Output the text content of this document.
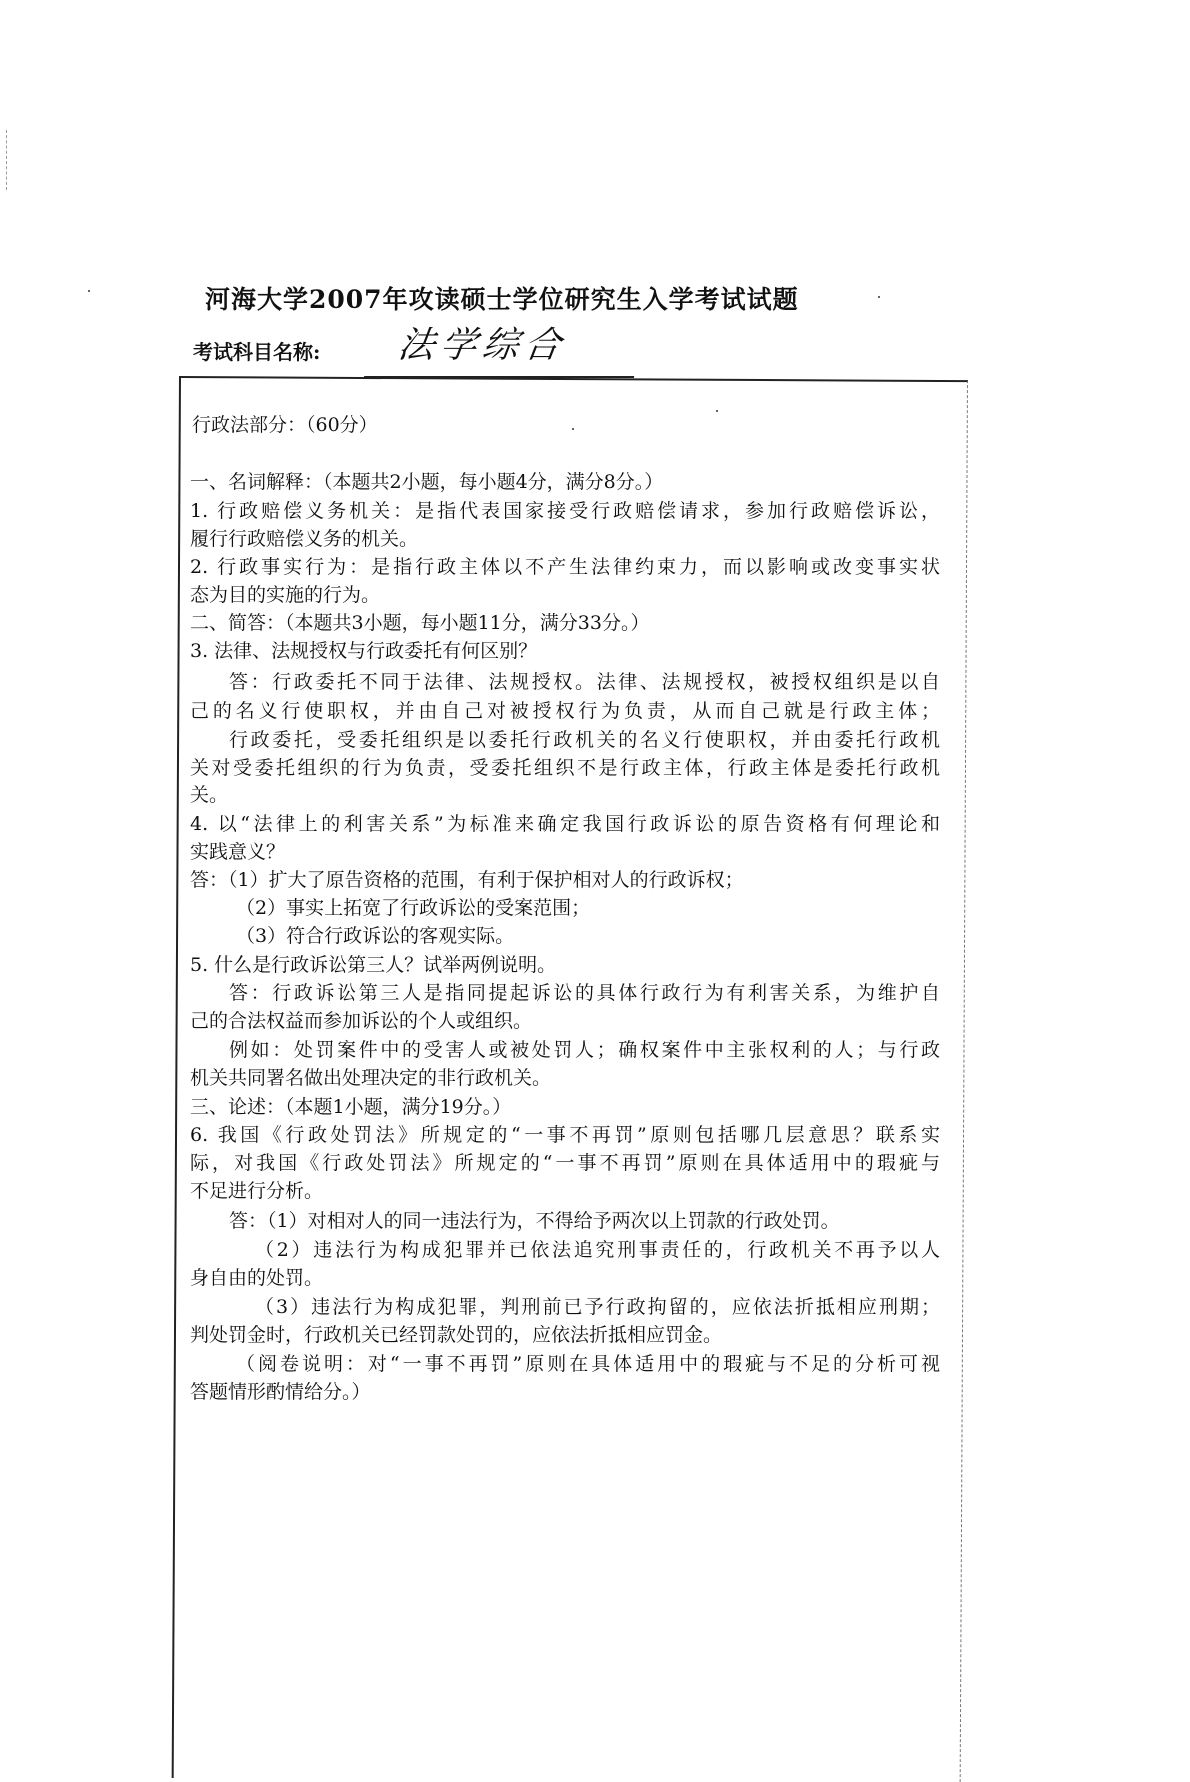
河海大学2007年攻读硕士学位研究生入学考试试题
考试科目名称:	法学综合
行政法部分：（60分）
一、名词解释：（本题共2小题，每小题4分，满分8分。）
1. 行政赔偿义务机关：是指代表国家接受行政赔偿请求，参加行政赔偿诉讼，
履行行政赔偿义务的机关。
2. 行政事实行为：是指行政主体以不产生法律约束力，而以影响或改变事实状
态为目的实施的行为。
二、简答：（本题共3小题，每小题11分，满分33分。）
3. 法律、法规授权与行政委托有何区别？
答：行政委托不同于法律、法规授权。法律、法规授权，被授权组织是以自
己的名义行使职权，并由自己对被授权行为负责，从而自己就是行政主体；
行政委托，受委托组织是以委托行政机关的名义行使职权，并由委托行政机
关对受委托组织的行为负责，受委托组织不是行政主体，行政主体是委托行政机
关。
4. 以“法律上的利害关系”为标准来确定我国行政诉讼的原告资格有何理论和
实践意义？
答：（1）扩大了原告资格的范围，有利于保护相对人的行政诉权；
（2）事实上拓宽了行政诉讼的受案范围；
（3）符合行政诉讼的客观实际。
5. 什么是行政诉讼第三人？试举两例说明。
答：行政诉讼第三人是指同提起诉讼的具体行政行为有利害关系，为维护自
己的合法权益而参加诉讼的个人或组织。
例如：处罚案件中的受害人或被处罚人；确权案件中主张权利的人；与行政
机关共同署名做出处理决定的非行政机关。
三、论述：（本题1小题，满分19分。）
6. 我国《行政处罚法》所规定的“一事不再罚”原则包括哪几层意思？联系实
际，对我国《行政处罚法》所规定的“一事不再罚”原则在具体适用中的瑕疵与
不足进行分析。
答：（1）对相对人的同一违法行为，不得给予两次以上罚款的行政处罚。
（2）违法行为构成犯罪并已依法追究刑事责任的，行政机关不再予以人
身自由的处罚。
（3）违法行为构成犯罪，判刑前已予行政拘留的，应依法折抵相应刑期；
判处罚金时，行政机关已经罚款处罚的，应依法折抵相应罚金。
（阅卷说明：对“一事不再罚”原则在具体适用中的瑕疵与不足的分析可视
答题情形酌情给分。）
